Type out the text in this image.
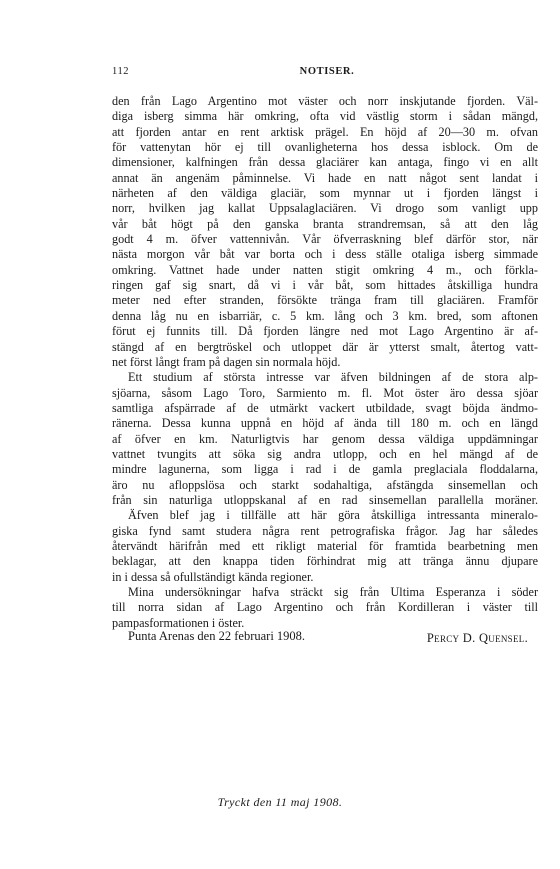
112	NOTISER.
den från Lago Argentino mot väster och norr inskjutande fjorden. Väl-
diga isberg simma här omkring, ofta vid västlig storm i sådan mängd,
att fjorden antar en rent arktisk prägel. En höjd af 20—30 m. ofvan
för vattenytan hör ej till ovanligheterna hos dessa isblock. Om de
dimensioner, kalfningen från dessa glaciärer kan antaga, fingo vi en allt
annat än angenäm påminnelse. Vi hade en natt något sent landat i
närheten af den väldiga glaciär, som mynnar ut i fjorden längst i
norr, hvilken jag kallat Uppsalaglaciären. Vi drogo som vanligt upp
vår båt högt på den ganska branta strandremsan, så att den låg
godt 4 m. öfver vattennivån. Vår öfverraskning blef därför stor, när
nästa morgon vår båt var borta och i dess ställe otaliga isberg simmade
omkring. Vattnet hade under natten stigit omkring 4 m., och förkla-
ringen gaf sig snart, då vi i vår båt, som hittades åtskilliga hundra
meter ned efter stranden, försökte tränga fram till glaciären. Framför
denna låg nu en isbarriär, c. 5 km. lång och 3 km. bred, som aftonen
förut ej funnits till. Då fjorden längre ned mot Lago Argentino är af-
stängd af en bergtröskel och utloppet där är ytterst smalt, återtog vatt-
net först långt fram på dagen sin normala höjd.
Ett studium af största intresse var äfven bildningen af de stora alp-
sjöarna, såsom Lago Toro, Sarmiento m. fl. Mot öster äro dessa sjöar
samtliga afspärrade af de utmärkt vackert utbildade, svagt böjda ändmo-
ränerna. Dessa kunna uppnå en höjd af ända till 180 m. och en längd
af öfver en km. Naturligtvis har genom dessa väldiga uppdämningar
vattnet tvungits att söka sig andra utlopp, och en hel mängd af de
mindre lagunerna, som ligga i rad i de gamla preglaciala floddalarna,
äro nu afloppslösa och starkt sodahaltiga, afstängda sinsemellan och
från sin naturliga utloppskanal af en rad sinsemellan parallella moräner.
Äfven blef jag i tillfälle att här göra åtskilliga intressanta mineralo-
giska fynd samt studera några rent petrografiska frågor. Jag har således
återvändt härifrån med ett rikligt material för framtida bearbetning men
beklagar, att den knappa tiden förhindrat mig att tränga ännu djupare
in i dessa så ofullständigt kända regioner.
Mina undersökningar hafva sträckt sig från Ultima Esperanza i söder
till norra sidan af Lago Argentino och från Kordilleran i väster till
pampasformationen i öster.
Punta Arenas den 22 februari 1908.	Percy D. Quensel.
Tryckt den 11 maj 1908.
